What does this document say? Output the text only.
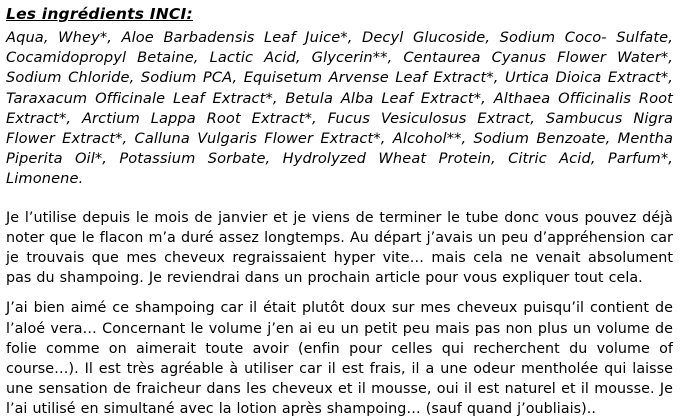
Les ingrédients INCI:

Aqua, Whey*, Aloe Barbadensis Leaf Juice*, Decyl Glucoside, Sodium Coco- Sulfate, Cocamidopropyl Betaine, Lactic Acid, Glycerin**, Centaurea Cyanus Flower Water*, Sodium Chloride, Sodium PCA, Equisetum Arvense Leaf Extract*, Urtica Dioica Extract*, Taraxacum Officinale Leaf Extract*, Betula Alba Leaf Extract*, Althaea Officinalis Root Extract*, Arctium Lappa Root Extract*, Fucus Vesiculosus Extract, Sambucus Nigra Flower Extract*, Calluna Vulgaris Flower Extract*, Alcohol**, Sodium Benzoate, Mentha Piperita Oil*, Potassium Sorbate, Hydrolyzed Wheat Protein, Citric Acid, Parfum*, Limonene.

Je l’utilise depuis le mois de janvier et je viens de terminer le tube donc vous pouvez déjà noter que le flacon m’a duré assez longtemps. Au départ j’avais un peu d’appréhension car je trouvais que mes cheveux regraissaient hyper vite… mais cela ne venait absolument pas du shampoing. Je reviendrai dans un prochain article pour vous expliquer tout cela.

J’ai bien aimé ce shampoing car il était plutôt doux sur mes cheveux puisqu’il contient de l’aloé vera… Concernant le volume j’en ai eu un petit peu mais pas non plus un volume de folie comme on aimerait toute avoir (enfin pour celles qui recherchent du volume of course…). Il est très agréable à utiliser car il est frais, il a une odeur mentholée qui laisse une sensation de fraicheur dans les cheveux et il mousse, oui il est naturel et il mousse. Je l’ai utilisé en simultané avec la lotion après shampoing… (sauf quand j’oubliais)..
